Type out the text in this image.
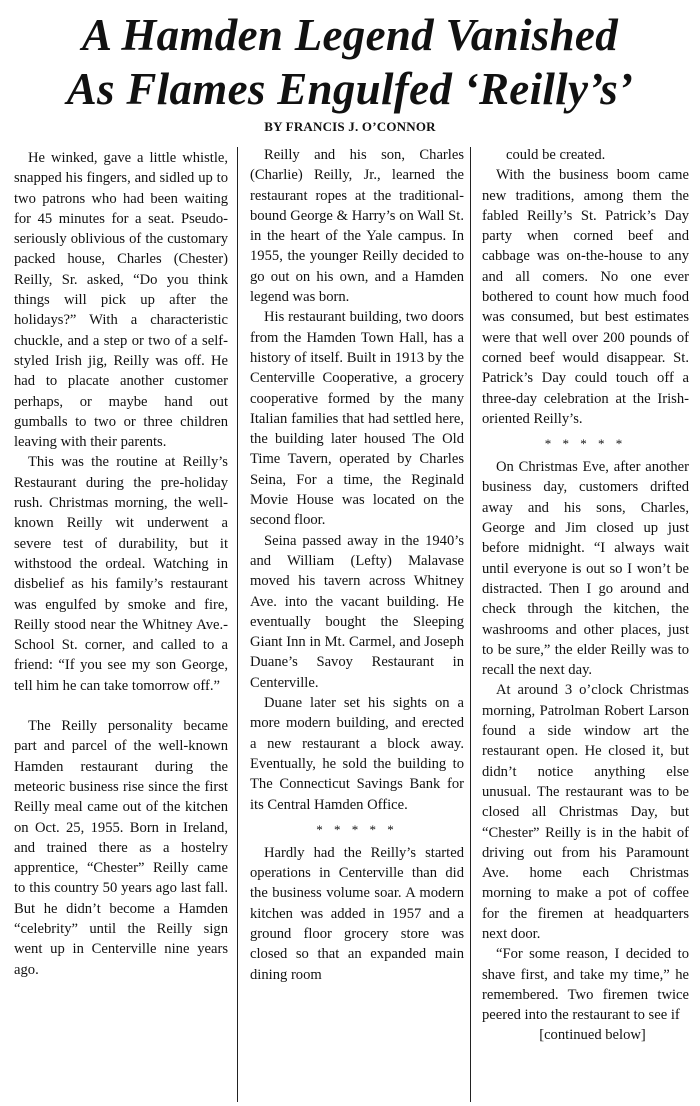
A Hamden Legend Vanished
As Flames Engulfed ‘Reilly’s’
BY FRANCIS J. O’CONNOR

He winked, gave a little whistle, snapped his fingers, and sidled up to two patrons who had been waiting for 45 minutes for a seat. Pseudo-seriously oblivious of the customary packed house, Charles (Chester) Reilly, Sr. asked, “Do you think things will pick up after the holidays?” With a characteristic chuckle, and a step or two of a self-styled Irish jig, Reilly was off. He had to placate another customer perhaps, or maybe hand out gumballs to two or three children leaving with their parents.

This was the routine at Reilly’s Restaurant during the pre-holiday rush. Christmas morning, the well-known Reilly wit underwent a severe test of durability, but it withstood the ordeal. Watching in disbelief as his family’s restaurant was engulfed by smoke and fire, Reilly stood near the Whitney Ave.-School St. corner, and called to a friend: “If you see my son George, tell him he can take tomorrow off.”

The Reilly personality became part and parcel of the well-known Hamden restaurant during the meteoric business rise since the first Reilly meal came out of the kitchen on Oct. 25, 1955. Born in Ireland, and trained there as a hostelry apprentice, “Chester” Reilly came to this country 50 years ago last fall. But he didn’t become a Hamden “celebrity” until the Reilly sign went up in Centerville nine years ago.

Reilly and his son, Charles (Charlie) Reilly, Jr., learned the restaurant ropes at the traditional-bound George & Harry’s on Wall St. in the heart of the Yale campus. In 1955, the younger Reilly decided to go out on his own, and a Hamden legend was born.

His restaurant building, two doors from the Hamden Town Hall, has a history of itself. Built in 1913 by the Centerville Cooperative, a grocery cooperative formed by the many Italian families that had settled here, the building later housed The Old Time Tavern, operated by Charles Seina, For a time, the Reginald Movie House was located on the second floor.

Seina passed away in the 1940’s and William (Lefty) Malavase moved his tavern across Whitney Ave. into the vacant building. He eventually bought the Sleeping Giant Inn in Mt. Carmel, and Joseph Duane’s Savoy Restaurant in Centerville.

Duane later set his sights on a more modern building, and erected a new restaurant a block away. Eventually, he sold the building to The Connecticut Savings Bank for its Central Hamden Office.

* * * * *

Hardly had the Reilly’s started operations in Centerville than did the business volume soar. A modern kitchen was added in 1957 and a ground floor grocery store was closed so that an expanded main dining room

could be created.

With the business boom came new traditions, among them the fabled Reilly’s St. Patrick’s Day party when corned beef and cabbage was on-the-house to any and all comers. No one ever bothered to count how much food was consumed, but best estimates were that well over 200 pounds of corned beef would disappear. St. Patrick’s Day could touch off a three-day celebration at the Irish-oriented Reilly’s.

* * * * *

On Christmas Eve, after another business day, customers drifted away and his sons, Charles, George and Jim closed up just before midnight. “I always wait until everyone is out so I won’t be distracted. Then I go around and check through the kitchen, the washrooms and other places, just to be sure,” the elder Reilly was to recall the next day.

At around 3 o’clock Christmas morning, Patrolman Robert Larson found a side window art the restaurant open. He closed it, but didn’t notice anything else unusual. The restaurant was to be closed all Christmas Day, but “Chester” Reilly is in the habit of driving out from his Paramount Ave. home each Christmas morning to make a pot of coffee for the firemen at headquarters next door.

“For some reason, I decided to shave first, and take my time,” he remembered. Two firemen twice peered into the restaurant to see if

[continued below]
